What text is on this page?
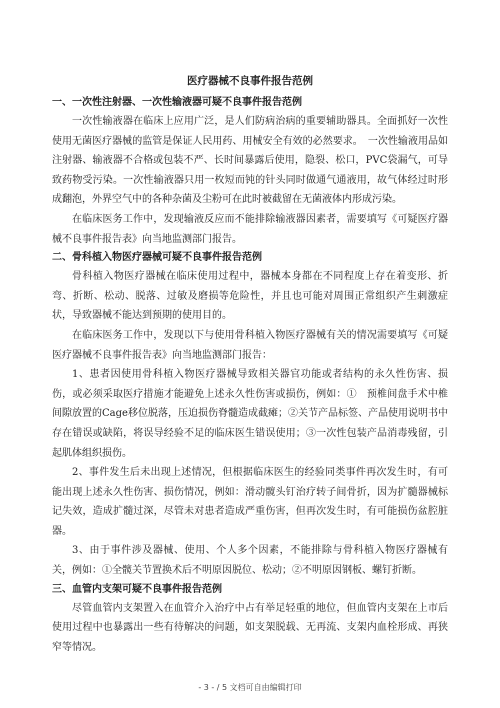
医疗器械不良事件报告范例
一、一次性注射器、一次性输液器可疑不良事件报告范例

一次性输液器在临床上应用广泛，是人们防病治病的重要辅助器具。全面抓好一次性使用无菌医疗器械的监管是保证人民用药、用械安全有效的必然要求。　一次性输液用品如注射器、输液器不合格或包装不严、长时间暴露后使用，隐裂、松口，PVC袋漏气，可导致药物受污染。一次性输液器只用一枚短而钝的针头同时做通气通液用，故气体经过时形成翻泡，外界空气中的各种杂菌及尘粉可在此时被截留在无菌液体内形成污染。

在临床医务工作中，发现输液反应而不能排除输液器因素者，需要填写《可疑医疗器械不良事件报告表》向当地监测部门报告。

二、骨科植入物医疗器械可疑不良事件报告范例

骨科植入物医疗器械在临床使用过程中，器械本身都在不同程度上存在着变形、折弯、折断、松动、脱落、过敏及磨损等危险性，并且也可能对周围正常组织产生刺激症状，导致器械不能达到预期的使用目的。

在临床医务工作中，发现以下与使用骨科植入物医疗器械有关的情况需要填写《可疑医疗器械不良事件报告表》向当地监测部门报告：

1、患者因使用骨科植入物医疗器械导致相关器官功能或者结构的永久性伤害、损伤，或必须采取医疗措施才能避免上述永久性伤害或损伤，例如：①　预椎间盘手术中椎间隙放置的Cage移位脱落，压迫损伤脊髓造成截瘫；②关节产品标签、产品使用说明书中存在错误或缺陷，将误导经验不足的临床医生错误使用；③一次性包装产品消毒残留，引起肌体组织损伤。

2、事件发生后未出现上述情况，但根据临床医生的经验同类事件再次发生时，有可能出现上述永久性伤害、损伤情况，例如：滑动髋头钉治疗转子间骨折，因为扩髓器械标记失效，造成扩髓过深，尽管未对患者造成严重伤害，但再次发生时，有可能损伤盆腔脏器。

3、由于事件涉及器械、使用、个人多个因素，不能排除与骨科植入物医疗器械有关，例如：①全髋关节置换术后不明原因脱位、松动；②不明原因钢板、螺钉折断。

三、血管内支架可疑不良事件报告范例

尽管血管内支架置入在血管介入治疗中占有举足轻重的地位，但血管内支架在上市后使用过程中也暴露出一些有待解决的问题，如支架脱载、无再流、支架内血栓形成、再狭窄等情况。

- 3 - / 5 文档可自由编辑打印
